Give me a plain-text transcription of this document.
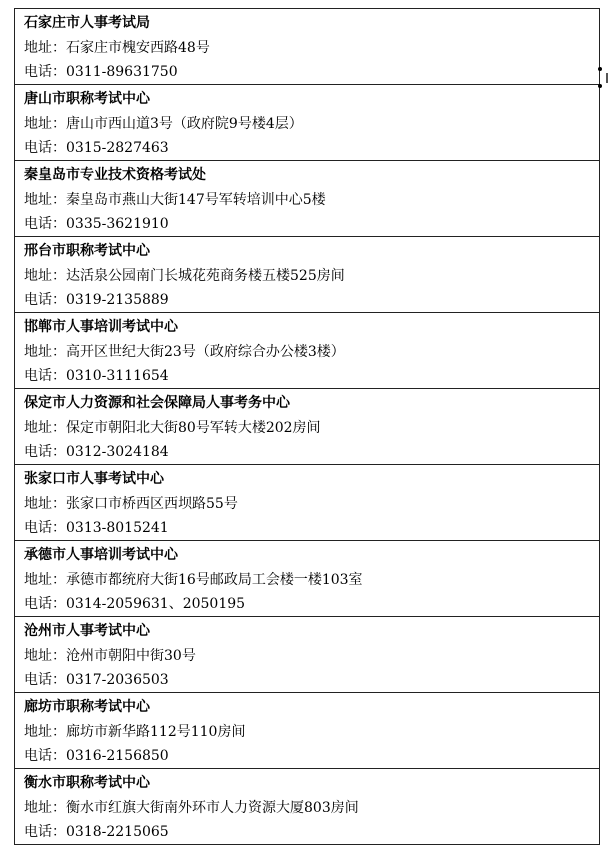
石家庄市人事考试局
地址：石家庄市槐安西路48号
电话：0311-89631750
唐山市职称考试中心
地址：唐山市西山道3号（政府院9号楼4层）
电话：0315-2827463
秦皇岛市专业技术资格考试处
地址：秦皇岛市燕山大街147号军转培训中心5楼
电话：0335-3621910
邢台市职称考试中心
地址：达活泉公园南门长城花苑商务楼五楼525房间
电话：0319-2135889
邯郸市人事培训考试中心
地址：高开区世纪大街23号（政府综合办公楼3楼）
电话：0310-3111654
保定市人力资源和社会保障局人事考务中心
地址：保定市朝阳北大街80号军转大楼202房间
电话：0312-3024184
张家口市人事考试中心
地址：张家口市桥西区西坝路55号
电话：0313-8015241
承德市人事培训考试中心
地址：承德市都统府大街16号邮政局工会楼一楼103室
电话：0314-2059631、2050195
沧州市人事考试中心
地址：沧州市朝阳中街30号
电话：0317-2036503
廊坊市职称考试中心
地址：廊坊市新华路112号110房间
电话：0316-2156850
衡水市职称考试中心
地址：衡水市红旗大街南外环市人力资源大厦803房间
电话：0318-2215065
